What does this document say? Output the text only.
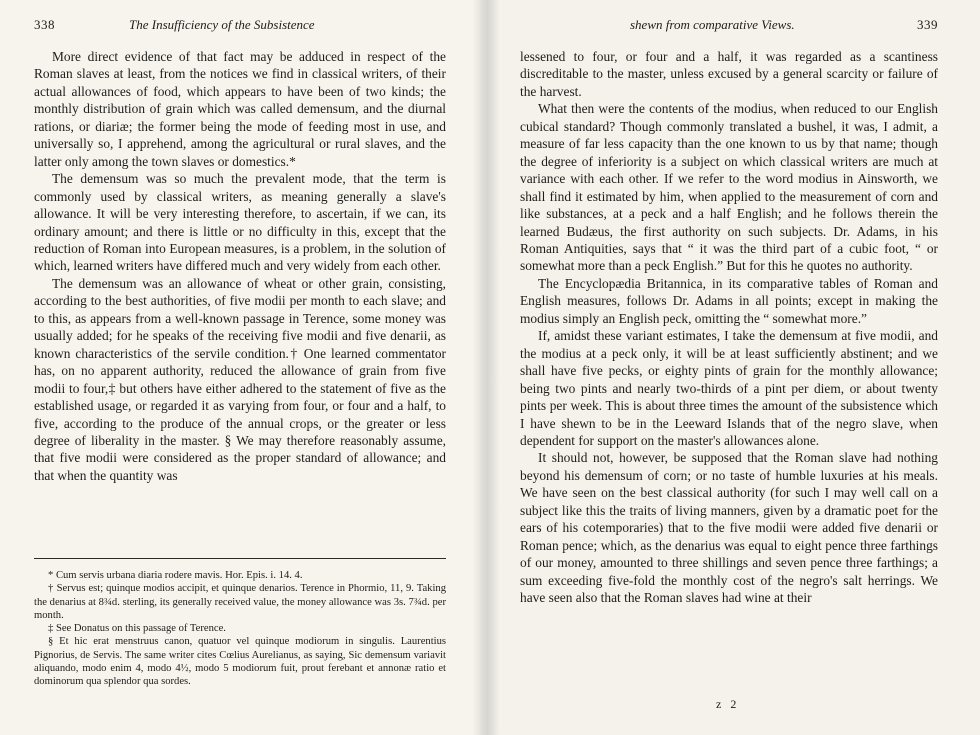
338	The Insufficiency of the Subsistence

More direct evidence of that fact may be adduced in respect of the Roman slaves at least, from the notices we find in classical writers, of their actual allowances of food, which appears to have been of two kinds; the monthly distribution of grain which was called demensum, and the diurnal rations, or diariæ; the former being the mode of feeding most in use, and universally so, I apprehend, among the agricultural or rural slaves, and the latter only among the town slaves or domestics.*

The demensum was so much the prevalent mode, that the term is commonly used by classical writers, as meaning generally a slave's allowance. It will be very interesting therefore, to ascertain, if we can, its ordinary amount; and there is little or no difficulty in this, except that the reduction of Roman into European measures, is a problem, in the solution of which, learned writers have differed much and very widely from each other.

The demensum was an allowance of wheat or other grain, consisting, according to the best authorities, of five modii per month to each slave; and to this, as appears from a well-known passage in Terence, some money was usually added; for he speaks of the receiving five modii and five denarii, as known characteristics of the servile condition.† One learned commentator has, on no apparent authority, reduced the allowance of grain from five modii to four,‡ but others have either adhered to the statement of five as the established usage, or regarded it as varying from four, or four and a half, to five, according to the produce of the annual crops, or the greater or less degree of liberality in the master. § We may therefore reasonably assume, that five modii were considered as the proper standard of allowance; and that when the quantity was

* Cum servis urbana diaria rodere mavis. Hor. Epis. i. 14. 4.

† Servus est; quinque modios accipit, et quinque denarios. Terence in Phormio, 11, 9. Taking the denarius at 8¾d. sterling, its generally received value, the money allowance was 3s. 7¾d. per month.

‡ See Donatus on this passage of Terence.

§ Et hic erat menstruus canon, quatuor vel quinque modiorum in singulis. Laurentius Pignorius, de Servis. The same writer cites Cœlius Aurelianus, as saying, Sic demensum variavit aliquando, modo enim 4, modo 4½, modo 5 modiorum fuit, prout ferebant et annonæ ratio et dominorum qua splendor qua sordes.

shewn from comparative Views.	339

lessened to four, or four and a half, it was regarded as a scantiness discreditable to the master, unless excused by a general scarcity or failure of the harvest.

What then were the contents of the modius, when reduced to our English cubical standard? Though commonly translated a bushel, it was, I admit, a measure of far less capacity than the one known to us by that name; though the degree of inferiority is a subject on which classical writers are much at variance with each other. If we refer to the word modius in Ainsworth, we shall find it estimated by him, when applied to the measurement of corn and like substances, at a peck and a half English; and he follows therein the learned Budæus, the first authority on such subjects. Dr. Adams, in his Roman Antiquities, says that “ it was the third part of a cubic foot, “ or somewhat more than a peck English.” But for this he quotes no authority.

The Encyclopædia Britannica, in its comparative tables of Roman and English measures, follows Dr. Adams in all points; except in making the modius simply an English peck, omitting the “ somewhat more.”

If, amidst these variant estimates, I take the demensum at five modii, and the modius at a peck only, it will be at least sufficiently abstinent; and we shall have five pecks, or eighty pints of grain for the monthly allowance; being two pints and nearly two-thirds of a pint per diem, or about twenty pints per week. This is about three times the amount of the subsistence which I have shewn to be in the Leeward Islands that of the negro slave, when dependent for support on the master's allowances alone.

It should not, however, be supposed that the Roman slave had nothing beyond his demensum of corn; or no taste of humble luxuries at his meals. We have seen on the best classical authority (for such I may well call on a subject like this the traits of living manners, given by a dramatic poet for the ears of his cotemporaries) that to the five modii were added five denarii or Roman pence; which, as the denarius was equal to eight pence three farthings of our money, amounted to three shillings and seven pence three farthings; a sum exceeding five-fold the monthly cost of the negro's salt herrings. We have seen also that the Roman slaves had wine at their

z 2
